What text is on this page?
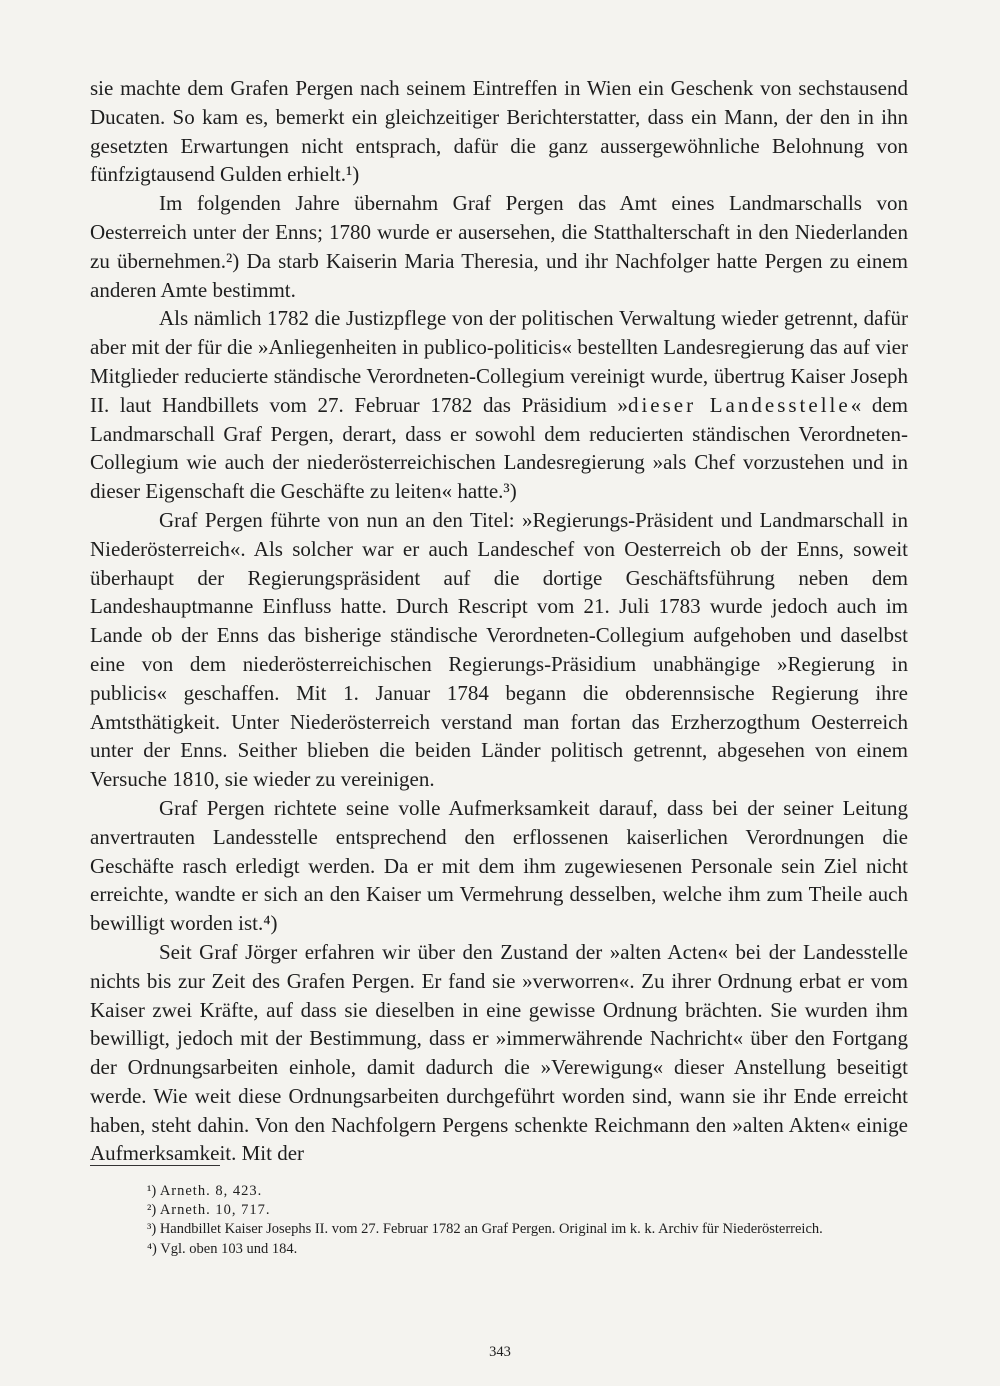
sie machte dem Grafen Pergen nach seinem Eintreffen in Wien ein Geschenk von sechstausend Ducaten. So kam es, bemerkt ein gleichzeitiger Berichterstatter, dass ein Mann, der den in ihn gesetzten Erwartungen nicht entsprach, dafür die ganz aussergewöhnliche Belohnung von fünfzigtausend Gulden erhielt.¹)

Im folgenden Jahre übernahm Graf Pergen das Amt eines Landmarschalls von Oesterreich unter der Enns; 1780 wurde er ausersehen, die Statthalterschaft in den Niederlanden zu übernehmen.²) Da starb Kaiserin Maria Theresia, und ihr Nachfolger hatte Pergen zu einem anderen Amte bestimmt.

Als nämlich 1782 die Justizpflege von der politischen Verwaltung wieder getrennt, dafür aber mit der für die »Anliegenheiten in publico-politicis« bestellten Landesregierung das auf vier Mitglieder reducierte ständische Verordneten-Collegium vereinigt wurde, übertrug Kaiser Joseph II. laut Handbillets vom 27. Februar 1782 das Präsidium »dieser Landesstelle« dem Landmarschall Graf Pergen, derart, dass er sowohl dem reducierten ständischen Verordneten-Collegium wie auch der niederösterreichischen Landesregierung »als Chef vorzustehen und in dieser Eigenschaft die Geschäfte zu leiten« hatte.³)

Graf Pergen führte von nun an den Titel: »Regierungs-Präsident und Landmarschall in Niederösterreich«. Als solcher war er auch Landeschef von Oesterreich ob der Enns, soweit überhaupt der Regierungspräsident auf die dortige Geschäftsführung neben dem Landeshauptmanne Einfluss hatte. Durch Rescript vom 21. Juli 1783 wurde jedoch auch im Lande ob der Enns das bisherige ständische Verordneten-Collegium aufgehoben und daselbst eine von dem niederösterreichischen Regierungs-Präsidium unabhängige »Regierung in publicis« geschaffen. Mit 1. Januar 1784 begann die obderennsische Regierung ihre Amtsthätigkeit. Unter Niederösterreich verstand man fortan das Erzherzogthum Oesterreich unter der Enns. Seither blieben die beiden Länder politisch getrennt, abgesehen von einem Versuche 1810, sie wieder zu vereinigen.

Graf Pergen richtete seine volle Aufmerksamkeit darauf, dass bei der seiner Leitung anvertrauten Landesstelle entsprechend den erflossenen kaiserlichen Verordnungen die Geschäfte rasch erledigt werden. Da er mit dem ihm zugewiesenen Personale sein Ziel nicht erreichte, wandte er sich an den Kaiser um Vermehrung desselben, welche ihm zum Theile auch bewilligt worden ist.⁴)

Seit Graf Jörger erfahren wir über den Zustand der »alten Acten« bei der Landesstelle nichts bis zur Zeit des Grafen Pergen. Er fand sie »verworren«. Zu ihrer Ordnung erbat er vom Kaiser zwei Kräfte, auf dass sie dieselben in eine gewisse Ordnung brächten. Sie wurden ihm bewilligt, jedoch mit der Bestimmung, dass er »immerwährende Nachricht« über den Fortgang der Ordnungsarbeiten einhole, damit dadurch die »Verewigung« dieser Anstellung beseitigt werde. Wie weit diese Ordnungsarbeiten durchgeführt worden sind, wann sie ihr Ende erreicht haben, steht dahin. Von den Nachfolgern Pergens schenkte Reichmann den »alten Akten« einige Aufmerksamkeit. Mit der

¹) Arneth. 8, 423.

²) Arneth. 10, 717.

³) Handbillet Kaiser Josephs II. vom 27. Februar 1782 an Graf Pergen. Original im k. k. Archiv für Niederösterreich.

⁴) Vgl. oben 103 und 184.

343
